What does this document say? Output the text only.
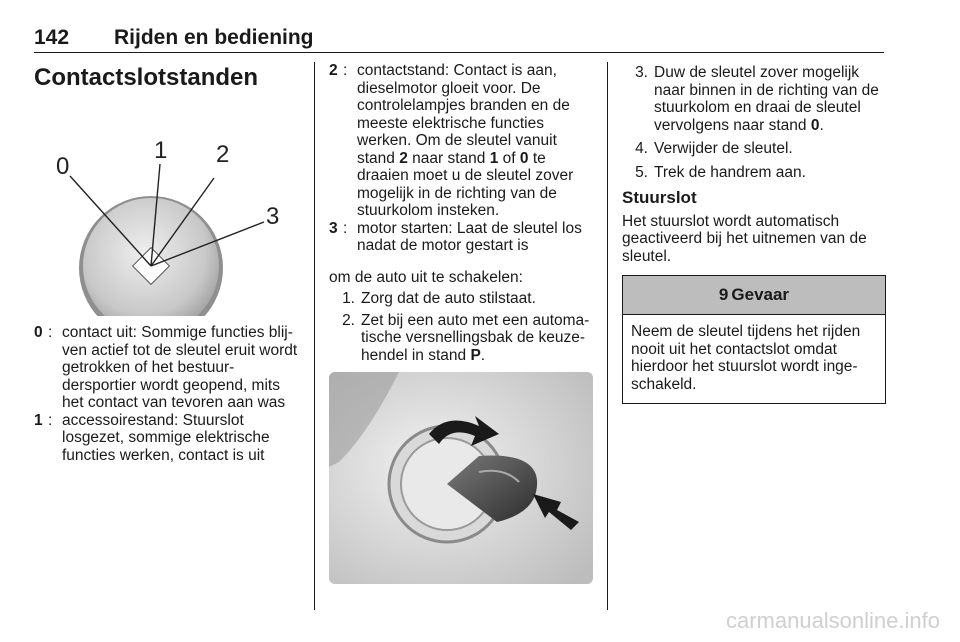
142 Rijden en bediening
Contactslotstanden
0
1 2
3
0 : contact uit: Sommige functies blij-ven actief tot de sleutel eruit wordt getrokken of het bestuur-dersportier wordt geopend, mits het contact van tevoren aan was
1 : accessoirestand: Stuurslot losgezet, sommige elektrische functies werken, contact is uit
2 : contactstand: Contact is aan, dieselmotor gloeit voor. De controlelampjes branden en de meeste elektrische functies werken. Om de sleutel vanuit stand 2 naar stand 1 of 0 te draaien moet u de sleutel zover mogelijk in de richting van de stuurkolom insteken.
3 : motor starten: Laat de sleutel los nadat de motor gestart is
om de auto uit te schakelen:
1. Zorg dat de auto stilstaat.
2. Zet bij een auto met een automa-tische versnellingsbak de keuze-hendel in stand P.
3. Duw de sleutel zover mogelijk naar binnen in de richting van de stuurkolom en draai de sleutel vervolgens naar stand 0.
4. Verwijder de sleutel.
5. Trek de handrem aan.
Stuurslot
Het stuurslot wordt automatisch geactiveerd bij het uitnemen van de sleutel.
9 Gevaar
Neem de sleutel tijdens het rijden nooit uit het contactslot omdat hierdoor het stuurslot wordt inge-schakeld.
carmanualsonline.info
